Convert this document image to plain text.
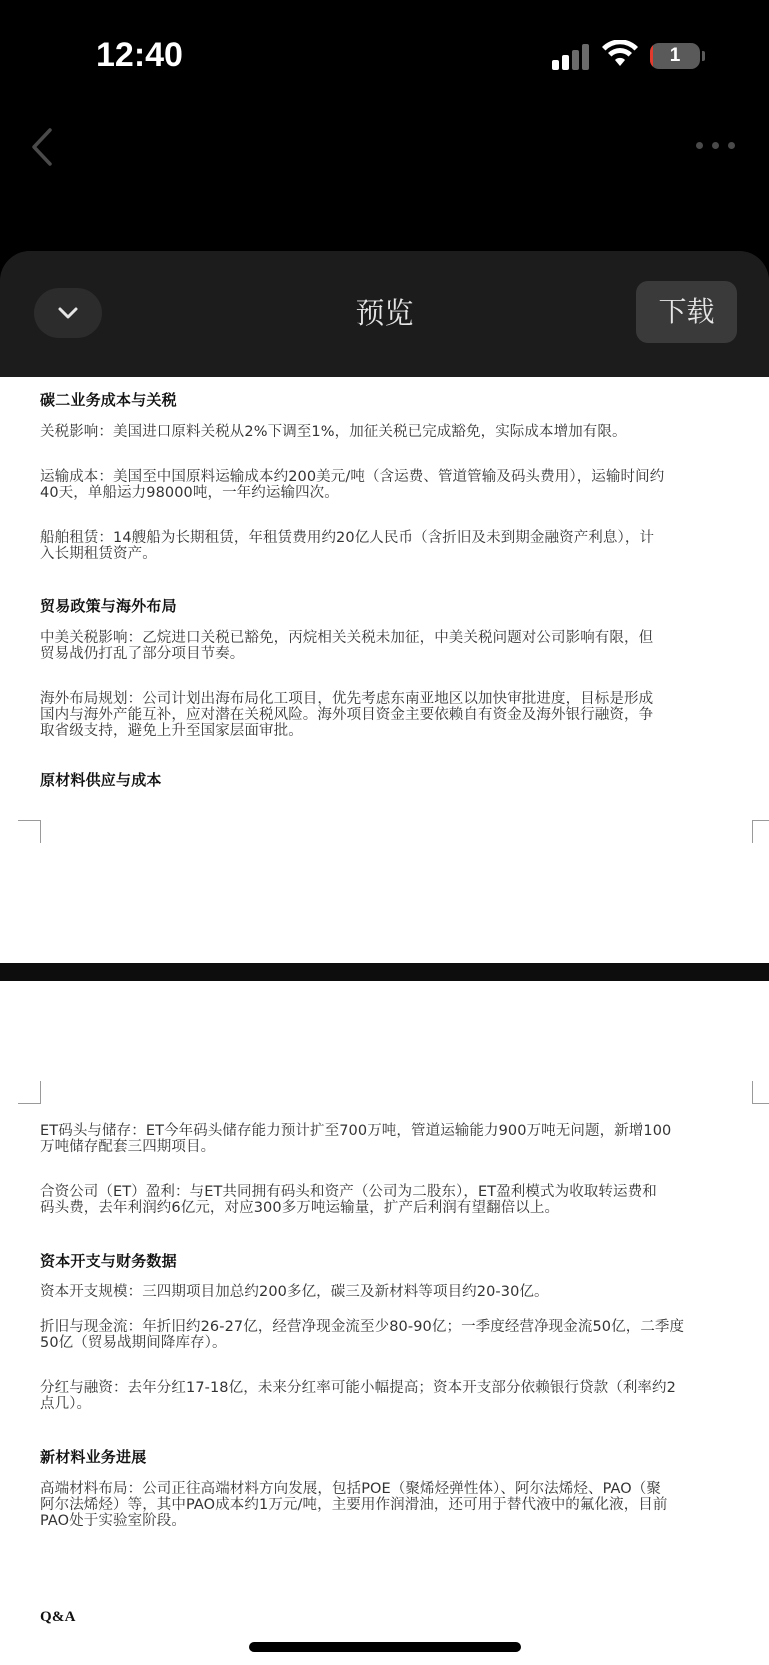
12:40	1
预览	下载
碳二业务成本与关税

关税影响：美国进口原料关税从2%下调至1%，加征关税已完成豁免，实际成本增加有限。

运输成本：美国至中国原料运输成本约200美元/吨（含运费、管道管输及码头费用），运输时间约

40天，单船运力98000吨，一年约运输四次。

船舶租赁：14艘船为长期租赁，年租赁费用约20亿人民币（含折旧及未到期金融资产利息），计

入长期租赁资产。

贸易政策与海外布局

中美关税影响：乙烷进口关税已豁免，丙烷相关关税未加征，中美关税问题对公司影响有限，但

贸易战仍打乱了部分项目节奏。

海外布局规划：公司计划出海布局化工项目，优先考虑东南亚地区以加快审批进度，目标是形成

国内与海外产能互补，应对潜在关税风险。海外项目资金主要依赖自有资金及海外银行融资，争

取省级支持，避免上升至国家层面审批。

原材料供应与成本

ET码头与储存：ET今年码头储存能力预计扩至700万吨，管道运输能力900万吨无问题，新增100

万吨储存配套三四期项目。

合资公司（ET）盈利：与ET共同拥有码头和资产（公司为二股东），ET盈利模式为收取转运费和

码头费，去年利润约6亿元，对应300多万吨运输量，扩产后利润有望翻倍以上。

资本开支与财务数据

资本开支规模：三四期项目加总约200多亿，碳三及新材料等项目约20-30亿。

折旧与现金流：年折旧约26-27亿，经营净现金流至少80-90亿；一季度经营净现金流50亿，二季度

50亿（贸易战期间降库存）。

分红与融资：去年分红17-18亿，未来分红率可能小幅提高；资本开支部分依赖银行贷款（利率约2

点几）。

新材料业务进展

高端材料布局：公司正往高端材料方向发展，包括POE（聚烯烃弹性体）、阿尔法烯烃、PAO（聚

阿尔法烯烃）等，其中PAO成本约1万元/吨，主要用作润滑油，还可用于替代液中的氟化液，目前

PAO处于实验室阶段。

Q&A
